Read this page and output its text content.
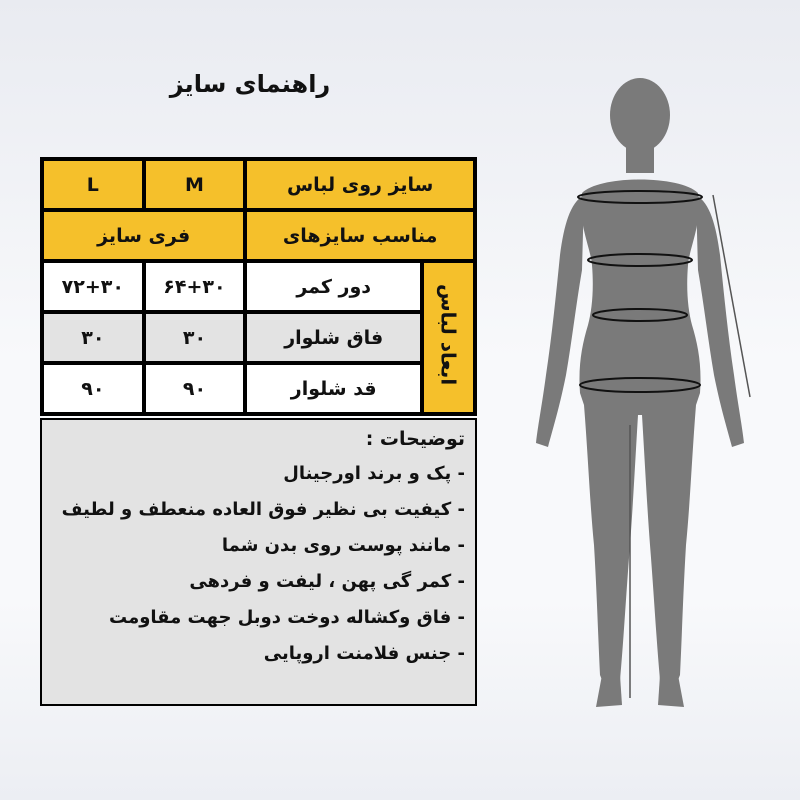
راهنمای سایز
L	M	سایز روی لباس	
فری سایز		مناسب سایزهای	
۷۲+۳۰	۶۴+۳۰	دور کمر	ابعاد لباس
۳۰	۳۰	فاق شلوار	
۹۰	۹۰	قد شلوار	
توضیحات :
- پک و برند اورجینال
- کیفیت بی نظیر فوق العاده منعطف و لطیف
- مانند پوست روی بدن شما
- کمر گی پهن ، لیفت و فردهی
- فاق وکشاله دوخت دوبل جهت مقاومت
- جنس فلامنت اروپایی
